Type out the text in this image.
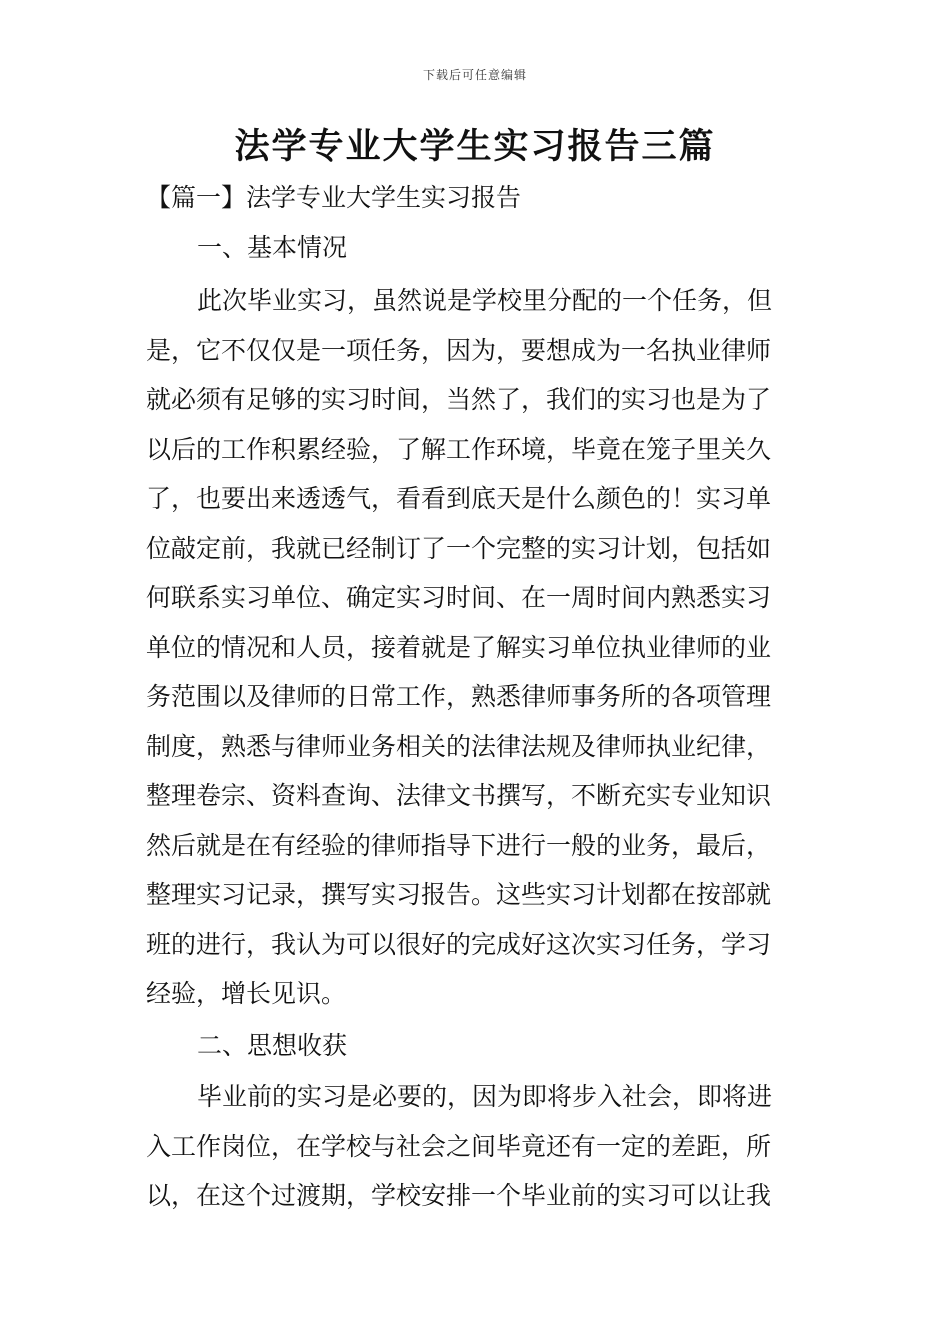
下载后可任意编辑
法学专业大学生实习报告三篇
【篇一】法学专业大学生实习报告
一、基本情况
此次毕业实习，虽然说是学校里分配的一个任务，但
是，它不仅仅是一项任务，因为，要想成为一名执业律师
就必须有足够的实习时间，当然了，我们的实习也是为了
以后的工作积累经验，了解工作环境，毕竟在笼子里关久
了，也要出来透透气，看看到底天是什么颜色的！实习单
位敲定前，我就已经制订了一个完整的实习计划，包括如
何联系实习单位、确定实习时间、在一周时间内熟悉实习
单位的情况和人员，接着就是了解实习单位执业律师的业
务范围以及律师的日常工作，熟悉律师事务所的各项管理
制度，熟悉与律师业务相关的法律法规及律师执业纪律，
整理卷宗、资料查询、法律文书撰写，不断充实专业知识
然后就是在有经验的律师指导下进行一般的业务，最后，
整理实习记录，撰写实习报告。这些实习计划都在按部就
班的进行，我认为可以很好的完成好这次实习任务，学习
经验，增长见识。
二、思想收获
毕业前的实习是必要的，因为即将步入社会，即将进
入工作岗位，在学校与社会之间毕竟还有一定的差距，所
以，在这个过渡期，学校安排一个毕业前的实习可以让我
